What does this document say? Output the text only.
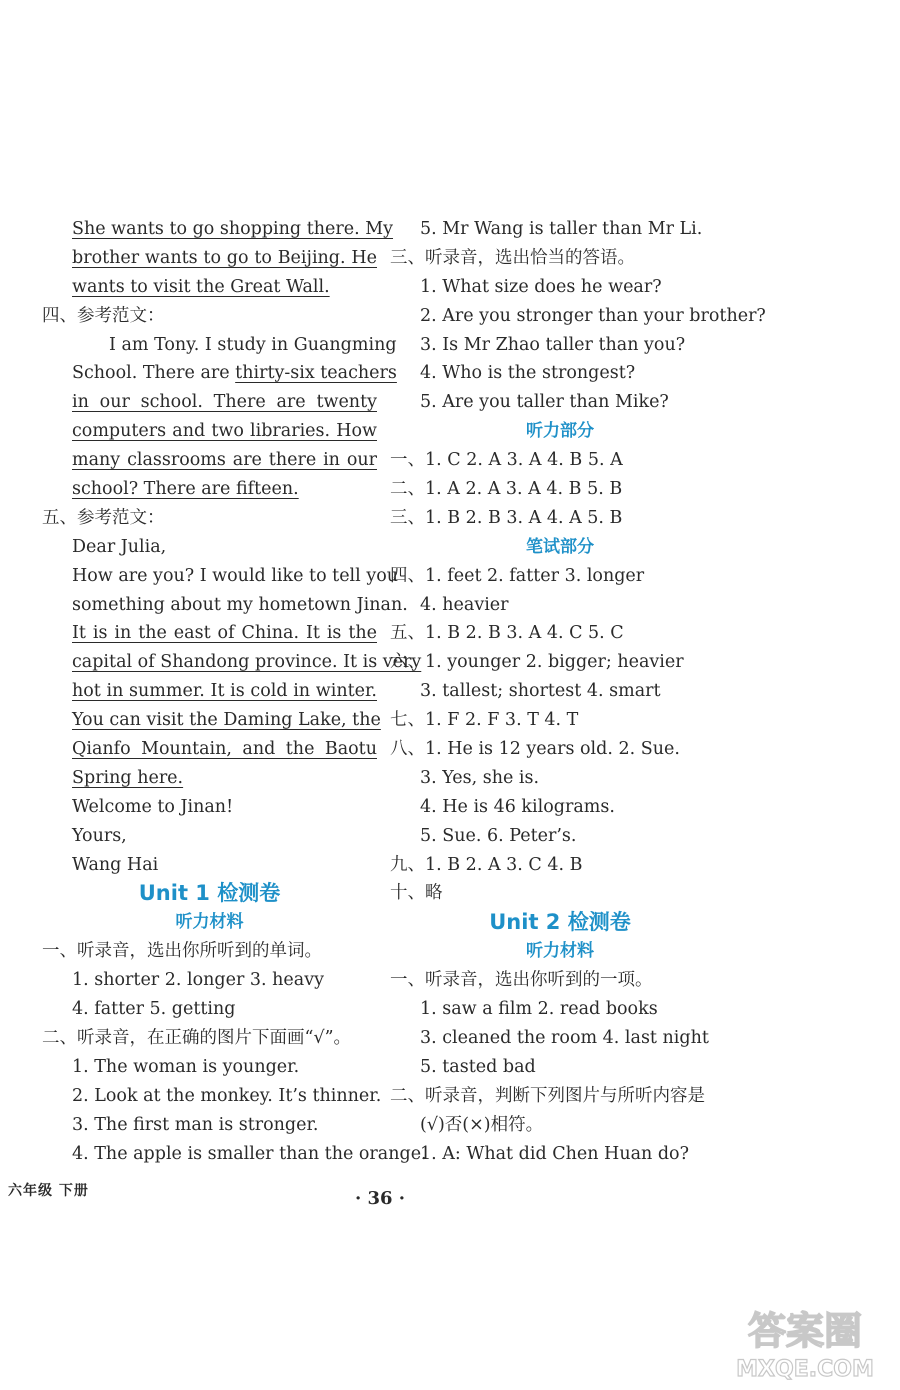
She wants to go shopping there. My
brother wants to go to Beijing. He
wants to visit the Great Wall.
四、参考范文：
I am Tony. I study in Guangming
School. There are thirty-six teachers
in our school. There are twenty
computers and two libraries. How
many classrooms are there in our
school? There are fifteen.
五、参考范文：
Dear Julia,
How are you? I would like to tell you
something about my hometown Jinan.
It is in the east of China. It is the
capital of Shandong province. It is very
hot in summer. It is cold in winter.
You can visit the Daming Lake, the
Qianfo Mountain, and the Baotu
Spring here.
Welcome to Jinan!
Yours,
Wang Hai
Unit 1 检测卷
听力材料
一、听录音，选出你所听到的单词。
1. shorter 2. longer 3. heavy
4. fatter 5. getting
二、听录音，在正确的图片下面画“√”。
1. The woman is younger.
2. Look at the monkey. It’s thinner.
3. The first man is stronger.
4. The apple is smaller than the orange.
5. Mr Wang is taller than Mr Li.
三、听录音，选出恰当的答语。
1. What size does he wear?
2. Are you stronger than your brother?
3. Is Mr Zhao taller than you?
4. Who is the strongest?
5. Are you taller than Mike?
听力部分
一、1. C 2. A 3. A 4. B 5. A
二、1. A 2. A 3. A 4. B 5. B
三、1. B 2. B 3. A 4. A 5. B
笔试部分
四、1. feet 2. fatter 3. longer
4. heavier
五、1. B 2. B 3. A 4. C 5. C
六、1. younger 2. bigger; heavier
3. tallest; shortest 4. smart
七、1. F 2. F 3. T 4. T
八、1. He is 12 years old. 2. Sue.
3. Yes, she is.
4. He is 46 kilograms.
5. Sue. 6. Peter’s.
九、1. B 2. A 3. C 4. B
十、略
Unit 2 检测卷
听力材料
一、听录音，选出你听到的一项。
1. saw a film 2. read books
3. cleaned the room 4. last night
5. tasted bad
二、听录音，判断下列图片与所听内容是
(√)否(×)相符。
1. A: What did Chen Huan do?
六年级 下册	· 36 ·
答案圈
MXQE.COM
